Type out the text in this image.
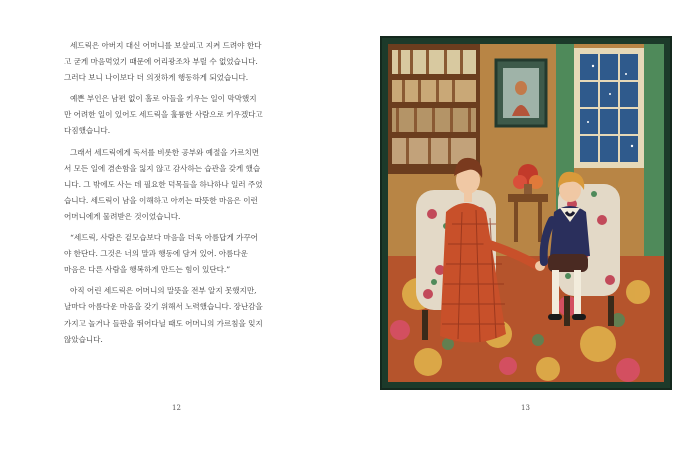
세드릭은 아버지 대신 어머니를 보살피고 지켜 드려야 한다
고 굳게 마음먹었기 때문에 어리광조차 부릴 수 없었습니다.
그러다 보니 나이보다 더 의젓하게 행동하게 되었습니다.

예쁜 부인은 남편 없이 홀로 아들을 키우는 일이 막막했지
만 어려한 일이 있어도 세드릭을 훌륭한 사람으로 키우겠다고
다짐했습니다.

그래서 세드릭에게 독서를 비롯한 공부와 예절을 가르치면
서 모든 일에 겸손함을 잃지 않고 감사하는 습관을 갖게 했습
니다. 그 밖에도 사는 데 필요한 덕목들을 하나하나 일러 주었
습니다. 세드릭이 남을 이해하고 아끼는 따뜻한 마음은 이런
어머니에게 물려받은 것이었습니다.

“세드릭, 사람은 겉모습보다 마음을 더욱 아름답게 가꾸어
야 한단다. 그것은 너의 말과 행동에 담겨 있어. 아름다운
마음은 다른 사람을 행복하게 만드는 힘이 있단다.”

아직 어린 세드릭은 어머니의 말뜻을 전부 알지 못했지만,
날마다 아름다운 마음을 갖기 위해서 노력했습니다. 장난감을
가지고 놀거나 들판을 뛰어다닐 때도 어머니의 가르침을 잊지
않았습니다.

12	13
